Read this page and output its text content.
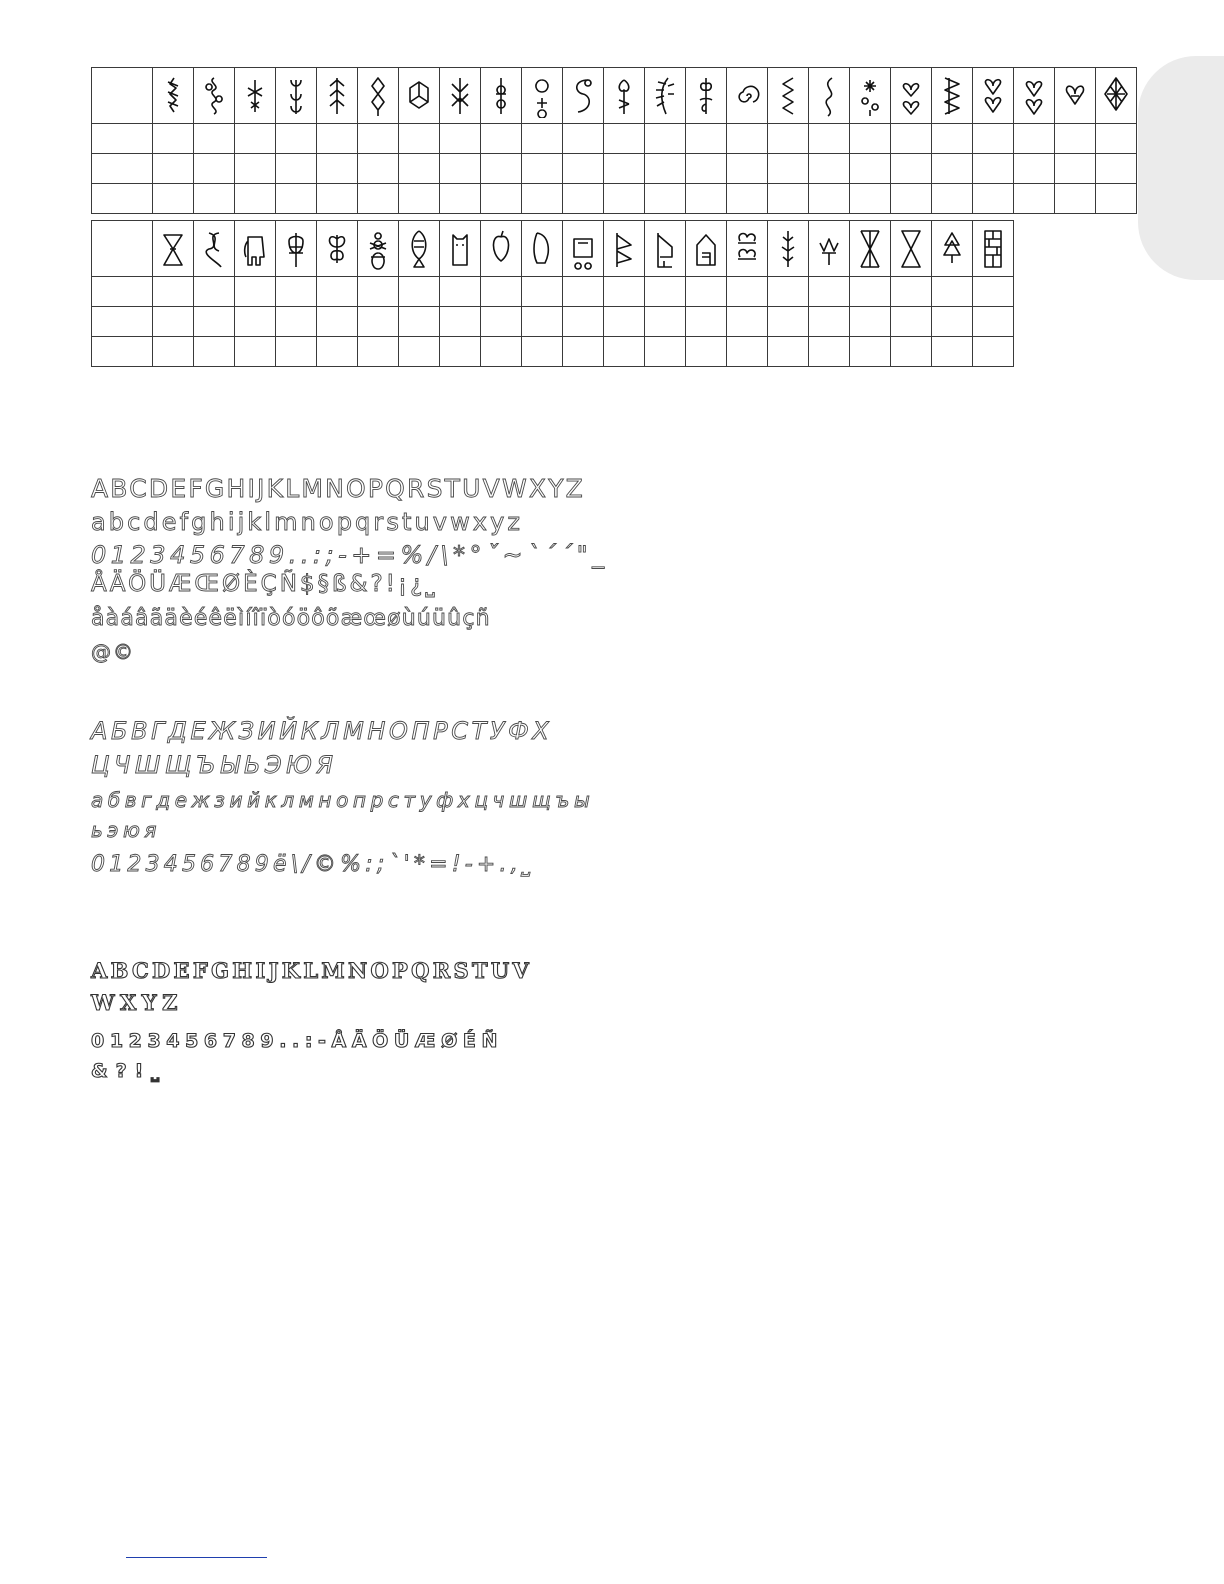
ABCDEFGHIJKLMNOPQRSTUVWXYZ
abcdefghijklmnopqrstuvwxyz
0123456789..:;-+=%/\*°ˇ~`´´"_
ÅÄÖÜÆŒØÈÇÑ$§ß&?!¡¿⎵
åàáâãäèéêëìíîïòóöôõæœøùúüûçñ
@©
АБВГДЕЖЗИЙКЛМНОПРСТУФХ
ЦЧШЩЪЫЬЭЮЯ
абвгдежзийклмнопрстуфхцчшщъы
ьэюя
0123456789ё\/©%:;`'*=!-+.,⎵
ABCDEFGHIJKLMNOPQRSTUV
WXYZ
0123456789..:-ÅÄÖÜÆØÉÑ
&?!⎵
